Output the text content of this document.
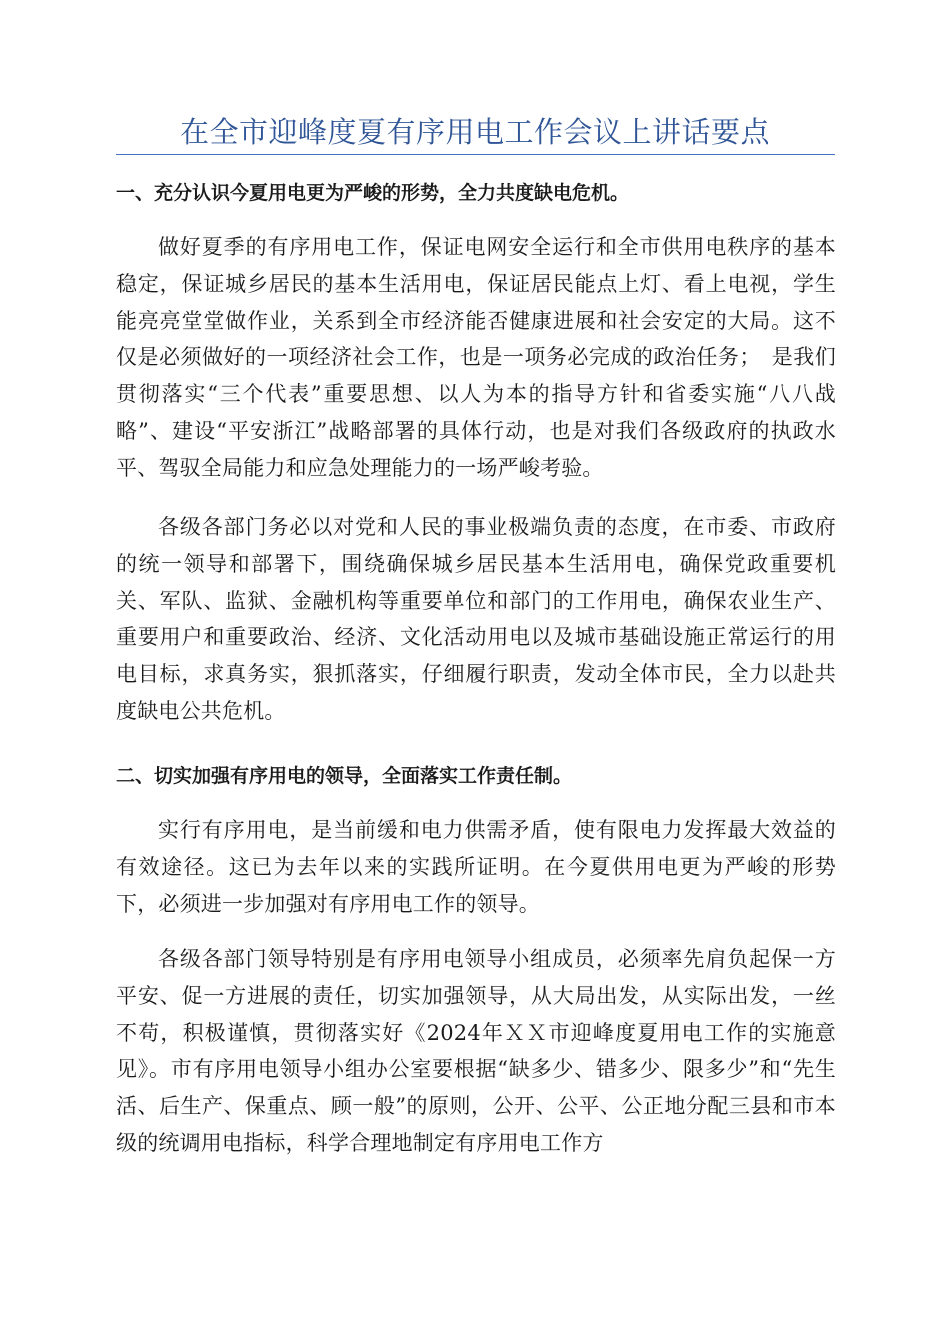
在全市迎峰度夏有序用电工作会议上讲话要点
一、充分认识今夏用电更为严峻的形势，全力共度缺电危机。

做好夏季的有序用电工作，保证电网安全运行和全市供用电秩序的基本稳定，保证城乡居民的基本生活用电，保证居民能点上灯、看上电视，学生能亮亮堂堂做作业，关系到全市经济能否健康进展和社会安定的大局。这不仅是必须做好的一项经济社会工作，也是一项务必完成的政治任务；　是我们贯彻落实“三个代表”重要思想、以人为本的指导方针和省委实施“八八战略”、建设“平安浙江”战略部署的具体行动，也是对我们各级政府的执政水平、驾驭全局能力和应急处理能力的一场严峻考验。

各级各部门务必以对党和人民的事业极端负责的态度，在市委、市政府的统一领导和部署下，围绕确保城乡居民基本生活用电，确保党政重要机关、军队、监狱、金融机构等重要单位和部门的工作用电，确保农业生产、重要用户和重要政治、经济、文化活动用电以及城市基础设施正常运行的用电目标，求真务实，狠抓落实，仔细履行职责，发动全体市民，全力以赴共度缺电公共危机。

二、切实加强有序用电的领导，全面落实工作责任制。

实行有序用电，是当前缓和电力供需矛盾，使有限电力发挥最大效益的有效途径。这已为去年以来的实践所证明。在今夏供用电更为严峻的形势下，必须进一步加强对有序用电工作的领导。

各级各部门领导特别是有序用电领导小组成员，必须率先肩负起保一方平安、促一方进展的责任，切实加强领导，从大局出发，从实际出发，一丝不苟，积极谨慎，贯彻落实好《2024年ＸＸ市迎峰度夏用电工作的实施意见》。市有序用电领导小组办公室要根据“缺多少、错多少、限多少”和“先生活、后生产、保重点、顾一般”的原则，公开、公平、公正地分配三县和市本级的统调用电指标，科学合理地制定有序用电工作方
